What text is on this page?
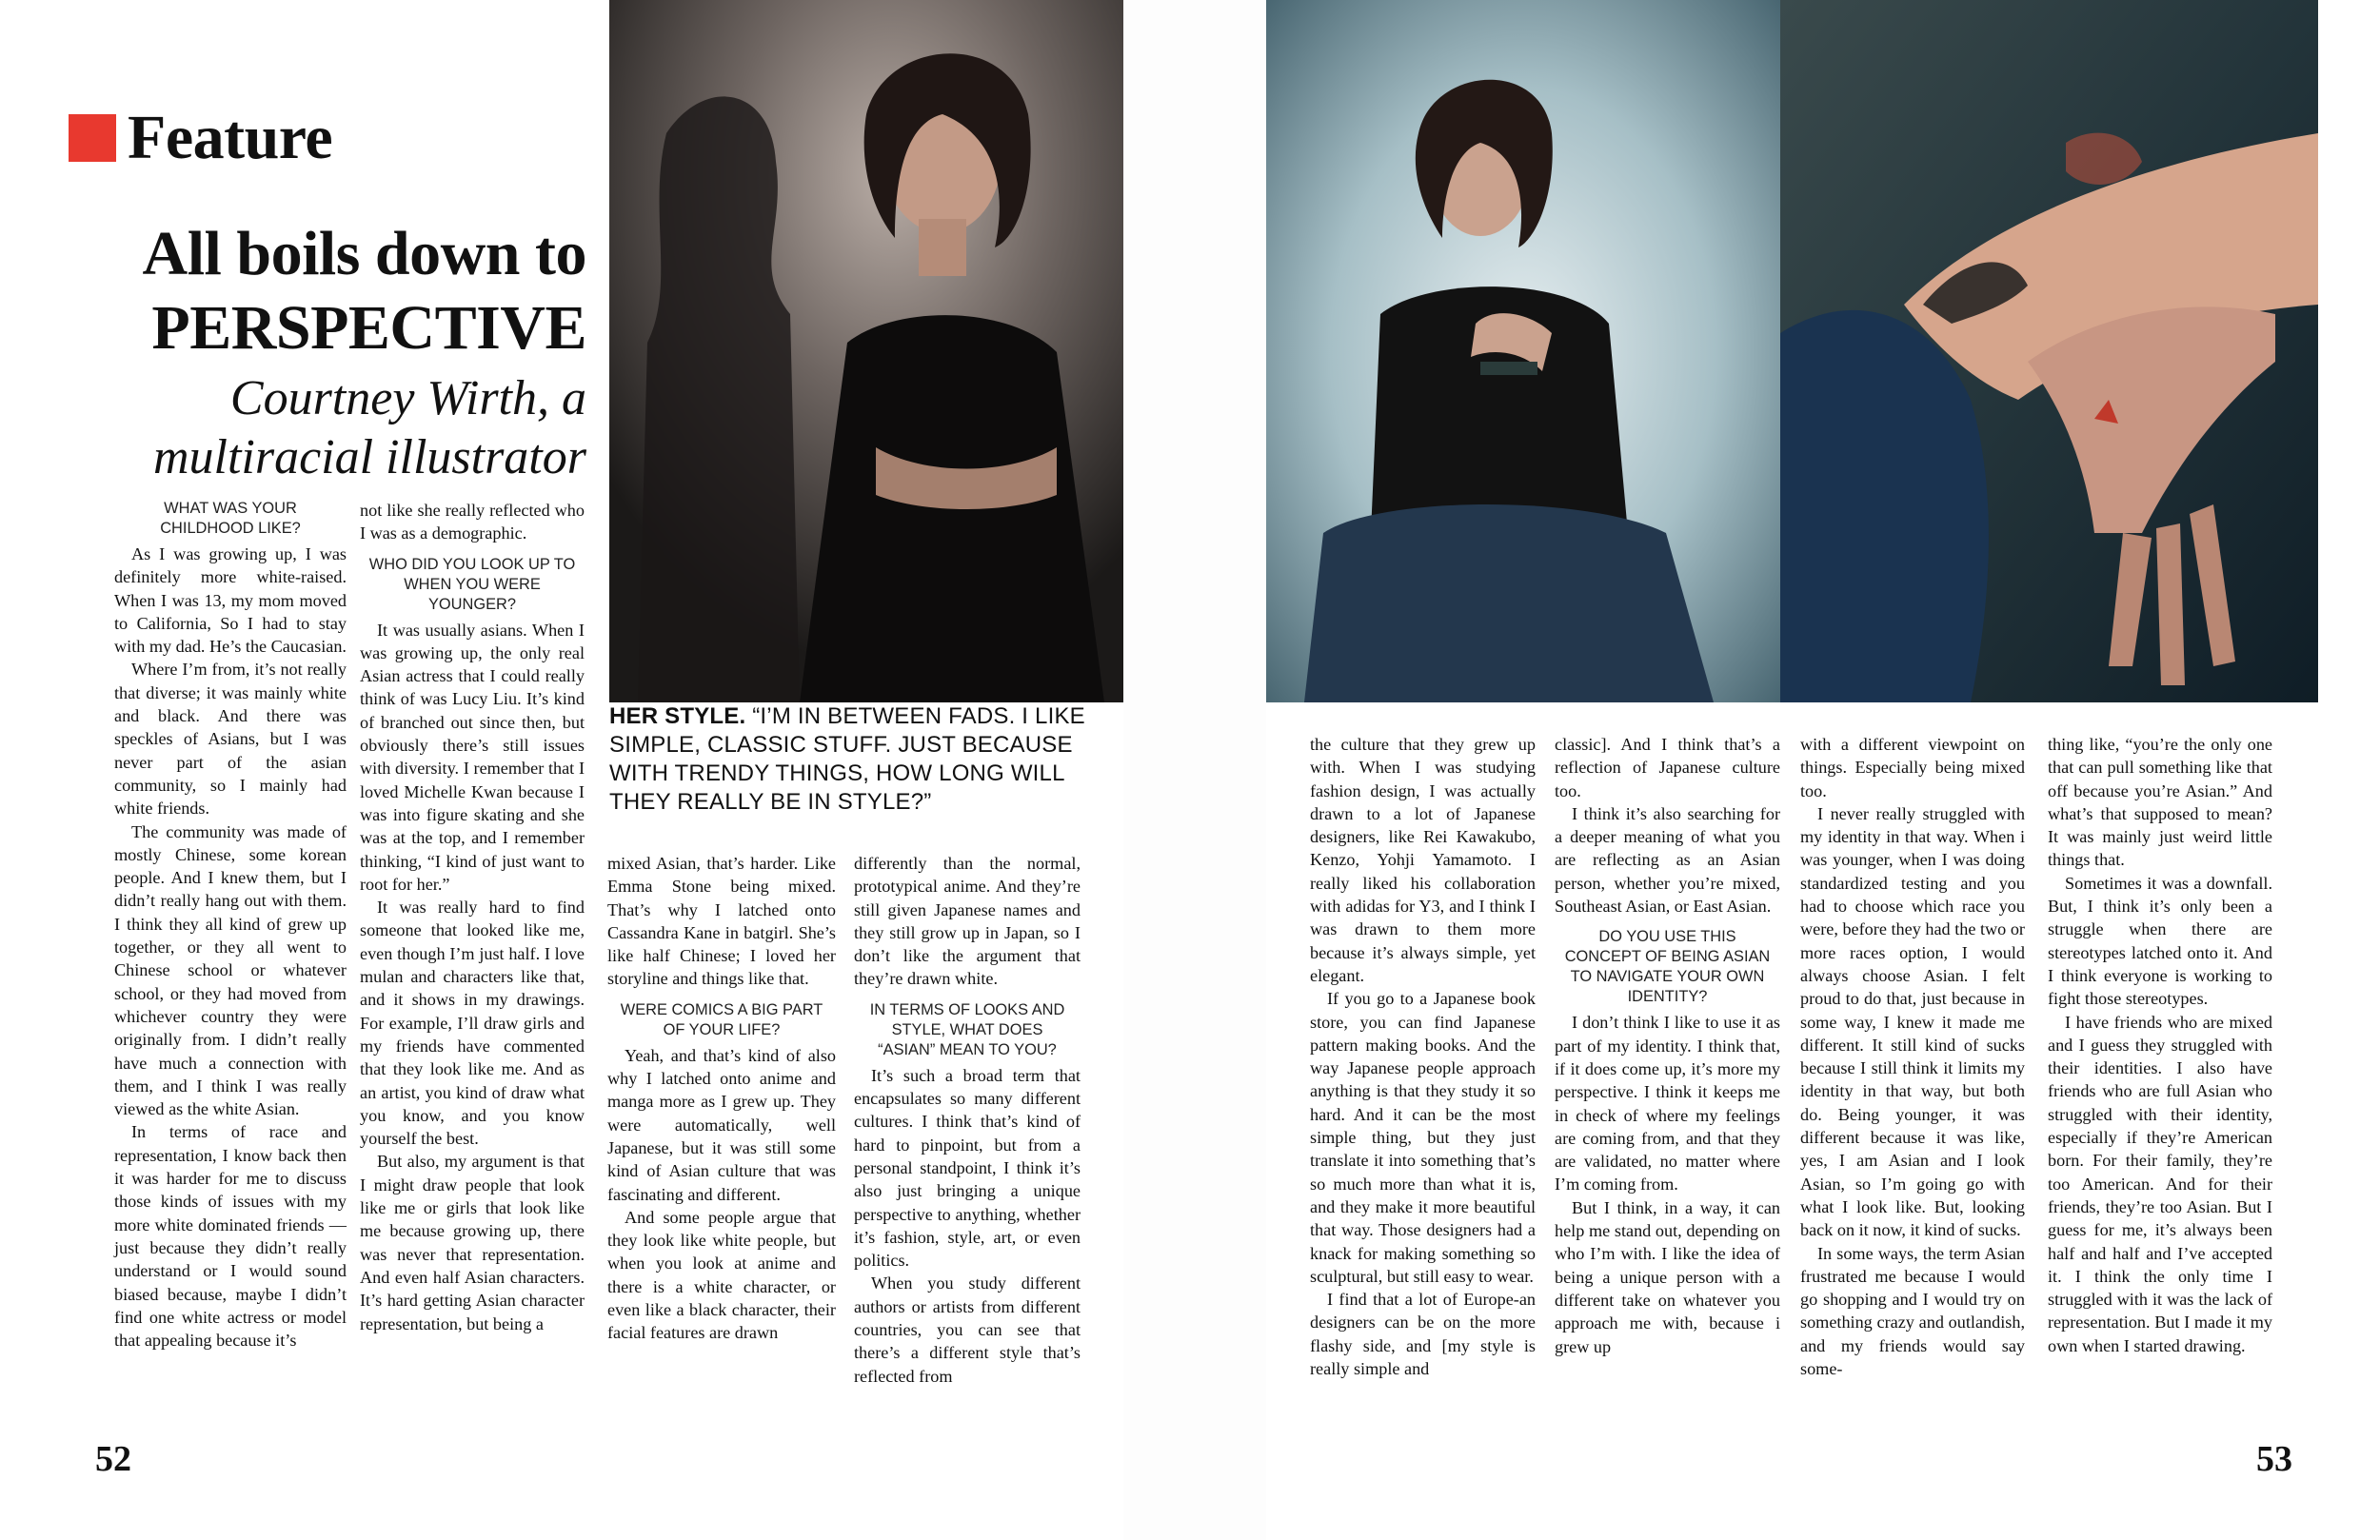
Feature
All boils down to
PERSPECTIVE
Courtney Wirth, a
multiracial illustrator
HER STYLE. “I’M IN BETWEEN FADS. I LIKE SIMPLE, CLASSIC STUFF. JUST BECAUSE WITH TRENDY THINGS, HOW LONG WILL THEY REALLY BE IN STYLE?”
WHAT WAS YOUR CHILDHOOD LIKE?

As I was growing up, I was definitely more white-raised. When I was 13, my mom moved to California, So I had to stay with my dad. He’s the Caucasian.

Where I’m from, it’s not really that diverse; it was mainly white and black. And there was speckles of Asians, but I was never part of the asian community, so I mainly had white friends.

The community was made of mostly Chinese, some korean people. And I knew them, but I didn’t really hang out with them. I think they all kind of grew up together, or they all went to Chinese school or whatever school, or they had moved from whichever country they were originally from. I didn’t really have much a connection with them, and I think I was really viewed as the white Asian.

In terms of race and representation, I know back then it was harder for me to discuss those kinds of issues with my more white dominated friends — just because they didn’t really understand or I would sound biased because, maybe I didn’t find one white actress or model that appealing because it’s

not like she really reflected who I was as a demographic.

WHO DID YOU LOOK UP TO WHEN YOU WERE YOUNGER?

It was usually asians. When I was growing up, the only real Asian actress that I could really think of was Lucy Liu. It’s kind of branched out since then, but obviously there’s still issues with diversity. I remember that I loved Michelle Kwan because I was into figure skating and she was at the top, and I remember thinking, “I kind of just want to root for her.”

It was really hard to find someone that looked like me, even though I’m just half. I love mulan and characters like that, and it shows in my drawings. For example, I’ll draw girls and my friends have commented that they look like me. And as an artist, you kind of draw what you know, and you know yourself the best.

But also, my argument is that I might draw people that look like me or girls that look like me because growing up, there was never that representation. And even half Asian characters. It’s hard getting Asian character representation, but being a

mixed Asian, that’s harder. Like Emma Stone being mixed. That’s why I latched onto Cassandra Kane in batgirl. She’s like half Chinese; I loved her storyline and things like that.

WERE COMICS A BIG PART OF YOUR LIFE?

Yeah, and that’s kind of also why I latched onto anime and manga more as I grew up. They were automatically, well Japanese, but it was still some kind of Asian culture that was fascinating and different.

And some people argue that they look like white people, but when you look at anime and there is a white character, or even like a black character, their facial features are drawn

differently than the normal, prototypical anime. And they’re still given Japanese names and they still grow up in Japan, so I don’t like the argument that they’re drawn white.

IN TERMS OF LOOKS AND STYLE, WHAT DOES “ASIAN” MEAN TO YOU?

It’s such a broad term that encapsulates so many different cultures. I think that’s kind of hard to pinpoint, but from a personal standpoint, I think it’s also just bringing a unique perspective to anything, whether it’s fashion, style, art, or even politics.

When you study different authors or artists from different countries, you can see that there’s a different style that’s reflected from

the culture that they grew up with. When I was studying fashion design, I was actually drawn to a lot of Japanese designers, like Rei Kawakubo, Kenzo, Yohji Yamamoto. I really liked his collaboration with adidas for Y3, and I think I was drawn to them more because it’s always simple, yet elegant.

If you go to a Japanese book store, you can find Japanese pattern making books. And the way Japanese people approach anything is that they study it so hard. And it can be the most simple thing, but they just translate it into something that’s so much more than what it is, and they make it more beautiful that way. Those designers had a knack for making something so sculptural, but still easy to wear.

I find that a lot of Europe-an designers can be on the more flashy side, and [my style is really simple and

classic]. And I think that’s a reflection of Japanese culture too.

I think it’s also searching for a deeper meaning of what you are reflecting as an Asian person, whether you’re mixed, Southeast Asian, or East Asian.

DO YOU USE THIS CONCEPT OF BEING ASIAN TO NAVIGATE YOUR OWN IDENTITY?

I don’t think I like to use it as part of my identity. I think that, if it does come up, it’s more my perspective. I think it keeps me in check of where my feelings are coming from, and that they are validated, no matter where I’m coming from.

But I think, in a way, it can help me stand out, depending on who I’m with. I like the idea of being a unique person with a different take on whatever you approach me with, because i grew up

with a different viewpoint on things. Especially being mixed too.

I never really struggled with my identity in that way. When i was younger, when I was doing standardized testing and you had to choose which race you were, before they had the two or more races option, I would always choose Asian. I felt proud to do that, just because in some way, I knew it made me different. It still kind of sucks because I still think it limits my identity in that way, but both do. Being younger, it was different because it was like, yes, I am Asian and I look Asian, so I’m going go with what I look like. But, looking back on it now, it kind of sucks.

In some ways, the term Asian frustrated me because I would go shopping and I would try on something crazy and outlandish, and my friends would say some-

thing like, “you’re the only one that can pull something like that off because you’re Asian.” And what’s that supposed to mean? It was mainly just weird little things that.

Sometimes it was a downfall. But, I think it’s only been a struggle when there are stereotypes latched onto it. And I think everyone is working to fight those stereotypes.

I have friends who are mixed and I guess they struggled with their identities. I also have friends who are full Asian who struggled with their identity, especially if they’re American born. For their family, they’re too American. And for their friends, they’re too Asian. But I guess for me, it’s always been half and half and I’ve accepted it. I think the only time I struggled with it was the lack of representation. But I made it my own when I started drawing.

52	53
